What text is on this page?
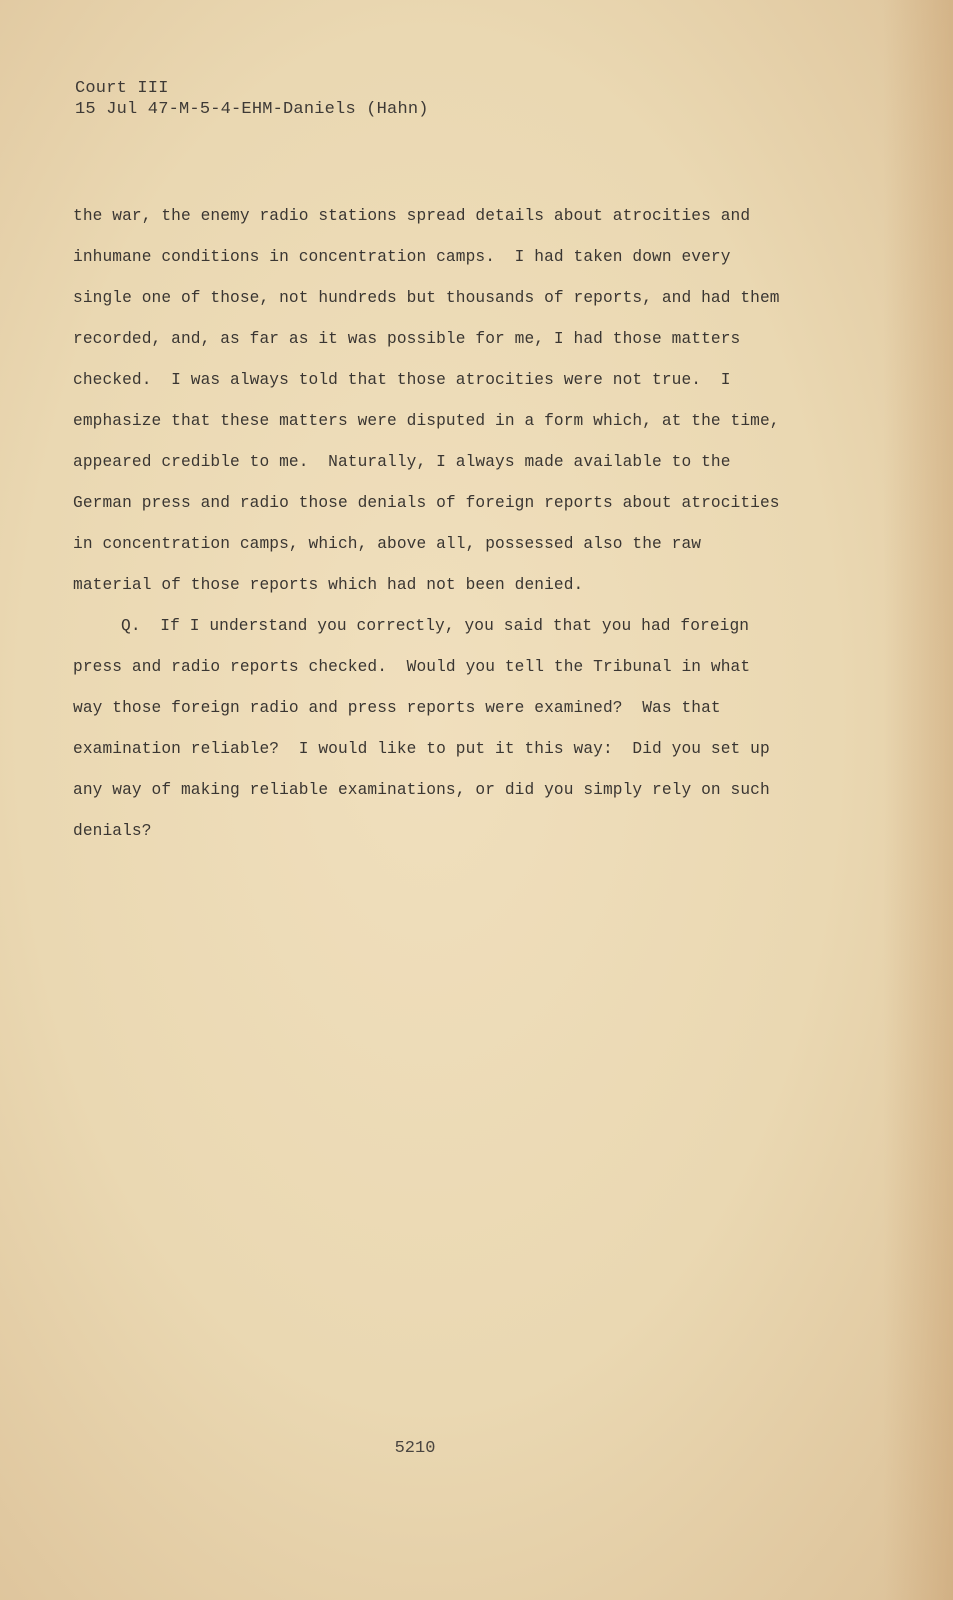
Court III
15 Jul 47-M-5-4-EHM-Daniels (Hahn)
the war, the enemy radio stations spread details about atrocities and
inhumane conditions in concentration camps.  I had taken down every
single one of those, not hundreds but thousands of reports, and had them
recorded, and, as far as it was possible for me, I had those matters
checked.  I was always told that those atrocities were not true.  I
emphasize that these matters were disputed in a form which, at the time,
appeared credible to me.  Naturally, I always made available to the
German press and radio those denials of foreign reports about atrocities
in concentration camps, which, above all, possessed also the raw
material of those reports which had not been denied.
Q.  If I understand you correctly, you said that you had foreign
press and radio reports checked.  Would you tell the Tribunal in what
way those foreign radio and press reports were examined?  Was that
examination reliable?  I would like to put it this way:  Did you set up
any way of making reliable examinations, or did you simply rely on such
denials?
5210
